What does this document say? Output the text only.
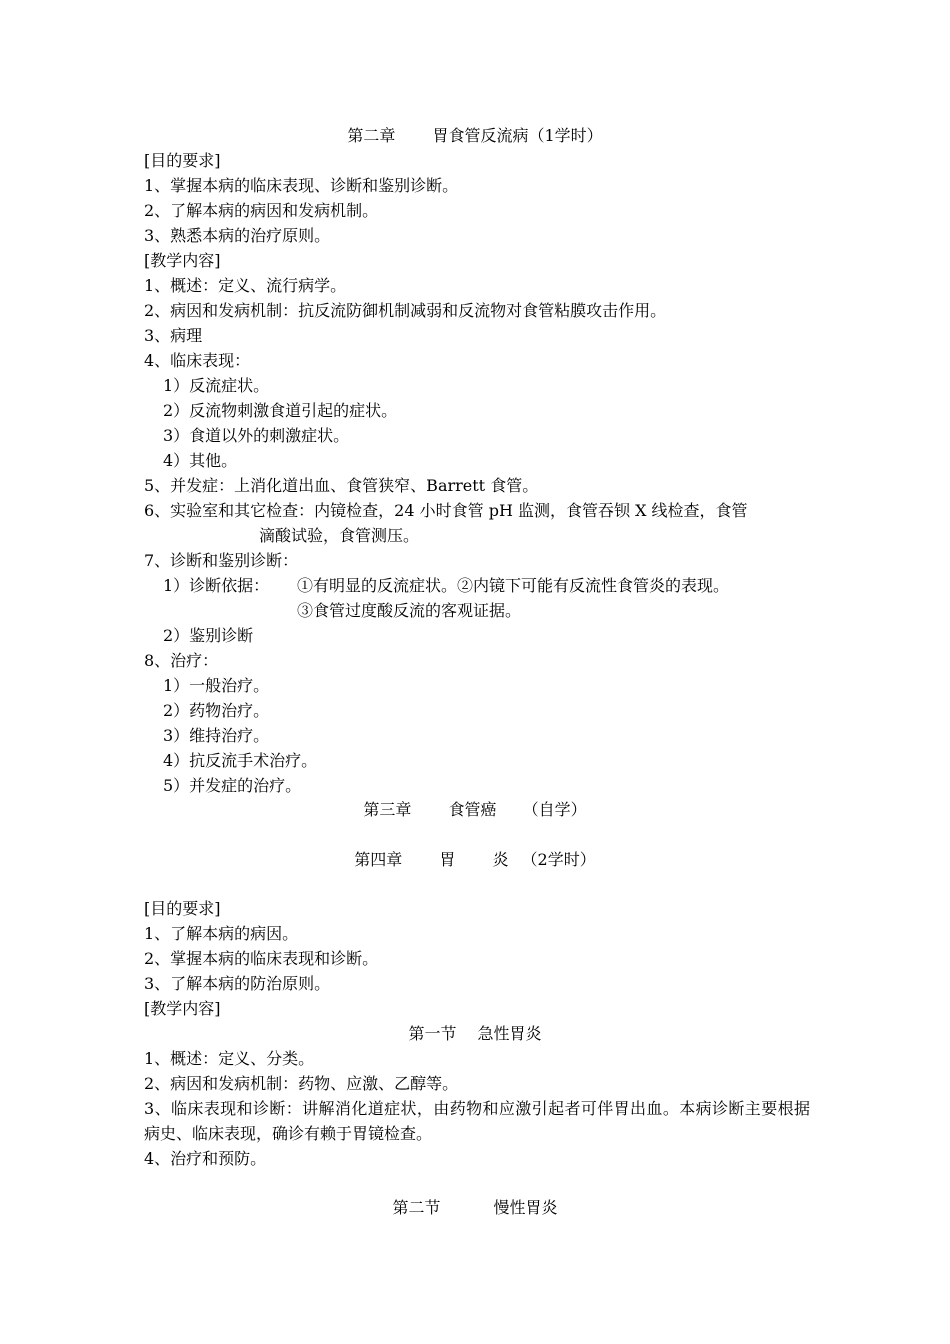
第二章 　　胃食管反流病（1学时）
[目的要求]
1、掌握本病的临床表现、诊断和鉴别诊断。
2、了解本病的病因和发病机制。
3、熟悉本病的治疗原则。
[教学内容]
1、概述：定义、流行病学。
2、病因和发病机制：抗反流防御机制减弱和反流物对食管粘膜攻击作用。
3、病理
4、临床表现：
1）反流症状。
2）反流物刺激食道引起的症状。
3）食道以外的刺激症状。
4）其他。
5、并发症：上消化道出血、食管狭窄、Barrett 食管。
6、实验室和其它检查：内镜检查，24 小时食管 pH 监测，食管吞钡 X 线检查，食管
滴酸试验，食管测压。
7、诊断和鉴别诊断：
1）诊断依据： ①有明显的反流症状。②内镜下可能有反流性食管炎的表现。
③食管过度酸反流的客观证据。
2）鉴别诊断
8、治疗：
1）一般治疗。
2）药物治疗。
3）维持治疗。
4）抗反流手术治疗。
5）并发症的治疗。
第三章 　　食管癌 　 （自学）
第四章 　　胃 　　炎 　（2学时）
[目的要求]
1、了解本病的病因。
2、掌握本病的临床表现和诊断。
3、了解本病的防治原则。
[教学内容]
第一节 　急性胃炎
1、概述：定义、分类。
2、病因和发病机制：药物、应激、乙醇等。
3、临床表现和诊断：讲解消化道症状，由药物和应激引起者可伴胃出血。本病诊断主要根据病史、临床表现，确诊有赖于胃镜检查。
4、治疗和预防。
第二节 　　　慢性胃炎
